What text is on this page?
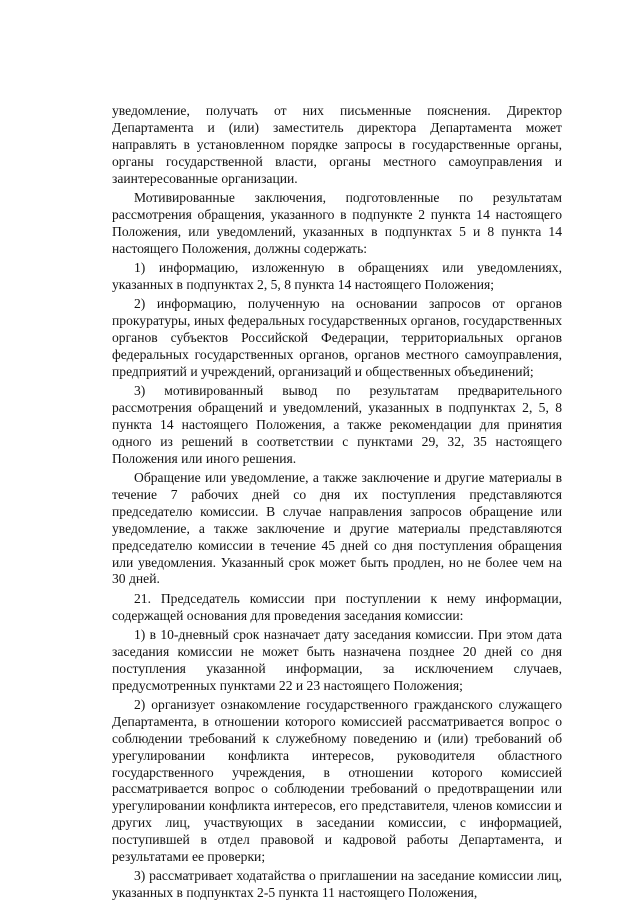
уведомление, получать от них письменные пояснения. Директор Департамента и (или) заместитель директора Департамента может направлять в установленном порядке запросы в государственные органы, органы государственной власти, органы местного самоуправления и заинтересованные организации.

Мотивированные заключения, подготовленные по результатам рассмотрения обращения, указанного в подпункте 2 пункта 14 настоящего Положения, или уведомлений, указанных в подпунктах 5 и 8 пункта 14 настоящего Положения, должны содержать:

1) информацию, изложенную в обращениях или уведомлениях, указанных в подпунктах 2, 5, 8 пункта 14 настоящего Положения;

2) информацию, полученную на основании запросов от органов прокуратуры, иных федеральных государственных органов, государственных органов субъектов Российской Федерации, территориальных органов федеральных государственных органов, органов местного самоуправления, предприятий и учреждений, организаций и общественных объединений;

3) мотивированный вывод по результатам предварительного рассмотрения обращений и уведомлений, указанных в подпунктах 2, 5, 8 пункта 14 настоящего Положения, а также рекомендации для принятия одного из решений в соответствии с пунктами 29, 32, 35 настоящего Положения или иного решения.

Обращение или уведомление, а также заключение и другие материалы в течение 7 рабочих дней со дня их поступления представляются председателю комиссии. В случае направления запросов обращение или уведомление, а также заключение и другие материалы представляются председателю комиссии в течение 45 дней со дня поступления обращения или уведомления. Указанный срок может быть продлен, но не более чем на 30 дней.

21. Председатель комиссии при поступлении к нему информации, содержащей основания для проведения заседания комиссии:

1) в 10-дневный срок назначает дату заседания комиссии. При этом дата заседания комиссии не может быть назначена позднее 20 дней со дня поступления указанной информации, за исключением случаев, предусмотренных пунктами 22 и 23 настоящего Положения;

2) организует ознакомление государственного гражданского служащего Департамента, в отношении которого комиссией рассматривается вопрос о соблюдении требований к служебному поведению и (или) требований об урегулировании конфликта интересов, руководителя областного государственного учреждения, в отношении которого комиссией рассматривается вопрос о соблюдении требований о предотвращении или урегулировании конфликта интересов, его представителя, членов комиссии и других лиц, участвующих в заседании комиссии, с информацией, поступившей в отдел правовой и кадровой работы Департамента, и результатами ее проверки;

3) рассматривает ходатайства о приглашении на заседание комиссии лиц, указанных в подпунктах 2-5 пункта 11 настоящего Положения,
